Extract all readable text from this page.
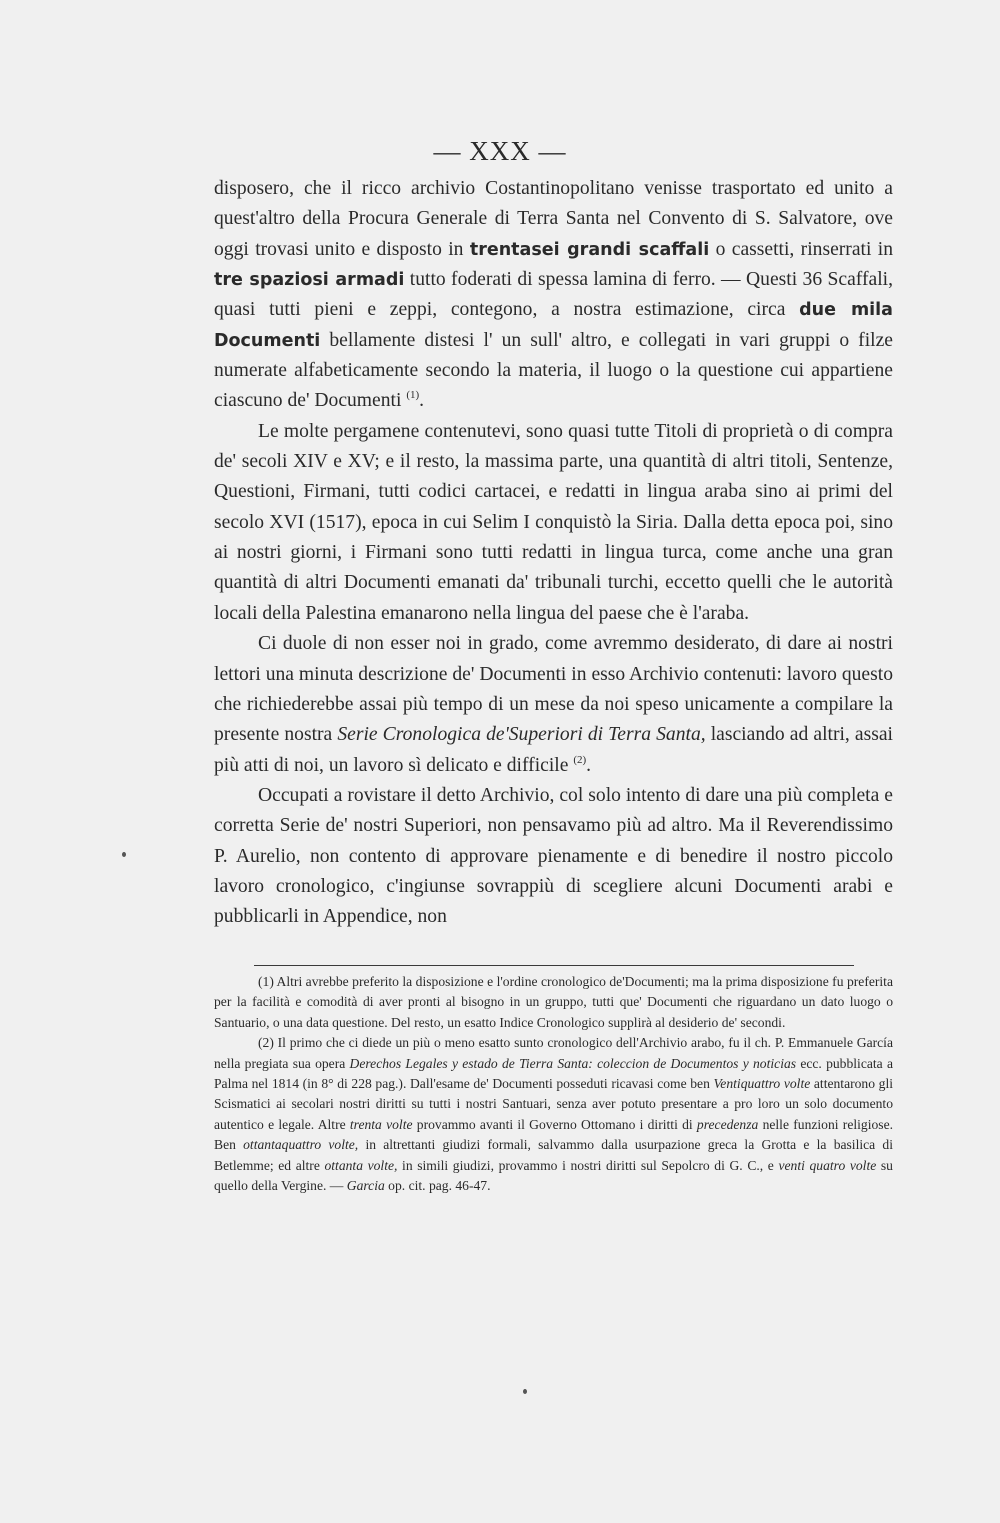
— XXX —

disposero, che il ricco archivio Costantinopolitano venisse trasportato ed unito a quest'altro della Procura Generale di Terra Santa nel Convento di S. Salvatore, ove oggi trovasi unito e disposto in trentasei grandi scaffali o cassetti, rinserrati in tre spaziosi armadi tutto foderati di spessa lamina di ferro. — Questi 36 Scaffali, quasi tutti pieni e zeppi, contegono, a nostra estimazione, circa due mila Documenti bellamente distesi l' un sull' altro, e collegati in vari gruppi o filze numerate alfabeticamente secondo la materia, il luogo o la questione cui appartiene ciascuno de' Documenti $^{(1)}$.

Le molte pergamene contenutevi, sono quasi tutte Titoli di proprietà o di compra de' secoli XIV e XV; e il resto, la massima parte, una quantità di altri titoli, Sentenze, Questioni, Firmani, tutti codici cartacei, e redatti in lingua araba sino ai primi del secolo XVI (1517), epoca in cui Selim I conquistò la Siria. Dalla detta epoca poi, sino ai nostri giorni, i Firmani sono tutti redatti in lingua turca, come anche una gran quantità di altri Documenti emanati da' tribunali turchi, eccetto quelli che le autorità locali della Palestina emanarono nella lingua del paese che è l'araba.

Ci duole di non esser noi in grado, come avremmo desiderato, di dare ai nostri lettori una minuta descrizione de' Documenti in esso Archivio contenuti: lavoro questo che richiederebbe assai più tempo di un mese da noi speso unicamente a compilare la presente nostra Serie Cronologica de'Superiori di Terra Santa, lasciando ad altri, assai più atti di noi, un lavoro sì delicato e difficile $^{(2)}$.

Occupati a rovistare il detto Archivio, col solo intento di dare una più completa e corretta Serie de' nostri Superiori, non pensavamo più ad altro. Ma il Reverendissimo P. Aurelio, non contento di approvare pienamente e di benedire il nostro piccolo lavoro cronologico, c'ingiunse sovrappiù di scegliere alcuni Documenti arabi e pubblicarli in Appendice, non

(1) Altri avrebbe preferito la disposizione e l'ordine cronologico de'Documenti; ma la prima disposizione fu preferita per la facilità e comodità di aver pronti al bisogno in un gruppo, tutti que' Documenti che riguardano un dato luogo o Santuario, o una data questione. Del resto, un esatto Indice Cronologico supplirà al desiderio de' secondi.

(2) Il primo che ci diede un più o meno esatto sunto cronologico dell'Archivio arabo, fu il ch. P. Emmanuele García nella pregiata sua opera Derechos Legales y estado de Tierra Santa: coleccion de Documentos y noticias ecc. pubblicata a Palma nel 1814 (in 8° di 228 pag.). Dall'esame de' Documenti posseduti ricavasi come ben Ventiquattro volte attentarono gli Scismatici ai secolari nostri diritti su tutti i nostri Santuari, senza aver potuto presentare a pro loro un solo documento autentico e legale. Altre trenta volte provammo avanti il Governo Ottomano i diritti di precedenza nelle funzioni religiose. Ben ottantaquattro volte, in altrettanti giudizi formali, salvammo dalla usurpazione greca la Grotta e la basilica di Betlemme; ed altre ottanta volte, in simili giudizi, provammo i nostri diritti sul Sepolcro di G. C., e venti quatro volte su quello della Vergine. — Garcia op. cit. pag. 46-47.
